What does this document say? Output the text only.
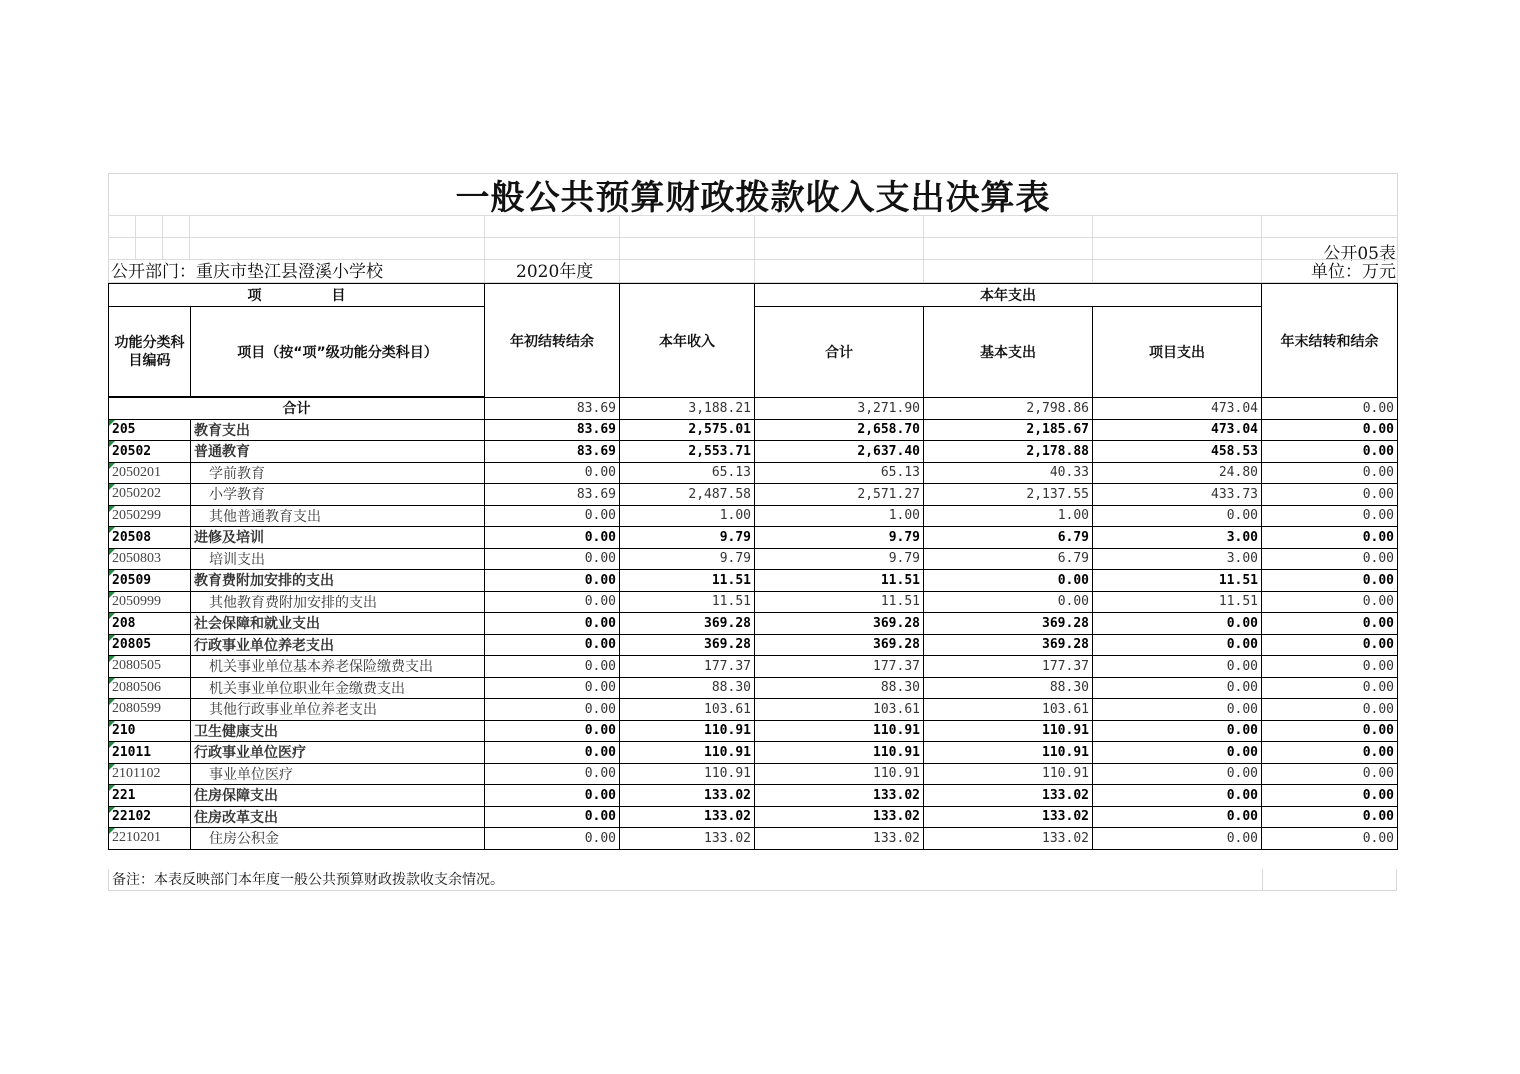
一般公共预算财政拨款收入支出决算表
公开05表
公开部门：重庆市垫江县澄溪小学校	2020年度	单位：万元
项　　　　　目		年初结转结余	本年收入	本年支出			年末结转和结余
功能分类科目编码	项目（按“项”级功能分类科目）			合计	基本支出	项目支出	

合计		83.69	3,188.21	3,271.90	2,798.86	473.04	0.00
205	教育支出	83.69	2,575.01	2,658.70	2,185.67	473.04	0.00
20502	普通教育	83.69	2,553.71	2,637.40	2,178.88	458.53	0.00
2050201	学前教育	0.00	65.13	65.13	40.33	24.80	0.00
2050202	小学教育	83.69	2,487.58	2,571.27	2,137.55	433.73	0.00
2050299	其他普通教育支出	0.00	1.00	1.00	1.00	0.00	0.00
20508	进修及培训	0.00	9.79	9.79	6.79	3.00	0.00
2050803	培训支出	0.00	9.79	9.79	6.79	3.00	0.00
20509	教育费附加安排的支出	0.00	11.51	11.51	0.00	11.51	0.00
2050999	其他教育费附加安排的支出	0.00	11.51	11.51	0.00	11.51	0.00
208	社会保障和就业支出	0.00	369.28	369.28	369.28	0.00	0.00
20805	行政事业单位养老支出	0.00	369.28	369.28	369.28	0.00	0.00
2080505	机关事业单位基本养老保险缴费支出	0.00	177.37	177.37	177.37	0.00	0.00
2080506	机关事业单位职业年金缴费支出	0.00	88.30	88.30	88.30	0.00	0.00
2080599	其他行政事业单位养老支出	0.00	103.61	103.61	103.61	0.00	0.00
210	卫生健康支出	0.00	110.91	110.91	110.91	0.00	0.00
21011	行政事业单位医疗	0.00	110.91	110.91	110.91	0.00	0.00
2101102	事业单位医疗	0.00	110.91	110.91	110.91	0.00	0.00
221	住房保障支出	0.00	133.02	133.02	133.02	0.00	0.00
22102	住房改革支出	0.00	133.02	133.02	133.02	0.00	0.00
2210201	住房公积金	0.00	133.02	133.02	133.02	0.00	0.00
备注：本表反映部门本年度一般公共预算财政拨款收支余情况。
